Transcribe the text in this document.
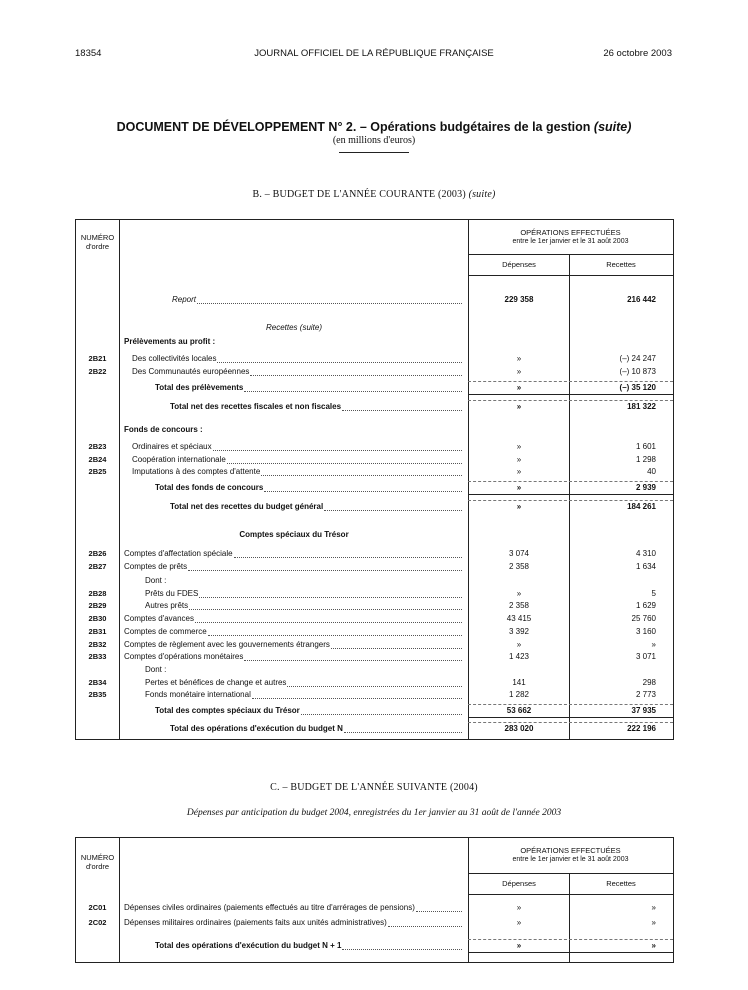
18354	JOURNAL OFFICIEL DE LA RÉPUBLIQUE FRANÇAISE	26 octobre 2003
DOCUMENT DE DÉVELOPPEMENT N° 2. – Opérations budgétaires de la gestion (suite)
(en millions d'euros)
B. – BUDGET DE L'ANNÉE COURANTE (2003) (suite)
NUMÉRO
d'ordre
OPÉRATIONS EFFECTUÉES
entre le 1er janvier et le 31 août 2003
Dépenses	Recettes
Report	229 358	216 442
Recettes (suite)
Prélèvements au profit :
2B21	Des collectivités locales	»	(–) 24 247
2B22	Des Communautés européennes	»	(–) 10 873
Total des prélèvements	»	(–) 35 120
Total net des recettes fiscales et non fiscales	»	181 322
Fonds de concours :
2B23	Ordinaires et spéciaux	»	1 601
2B24	Coopération internationale	»	1 298
2B25	Imputations à des comptes d'attente	»	40
Total des fonds de concours	»	2 939
Total net des recettes du budget général	»	184 261
Comptes spéciaux du Trésor
2B26	Comptes d'affectation spéciale	3 074	4 310
2B27	Comptes de prêts	2 358	1 634
Dont :
2B28	Prêts du FDES	»	5
2B29	Autres prêts	2 358	1 629
2B30	Comptes d'avances	43 415	25 760
2B31	Comptes de commerce	3 392	3 160
2B32	Comptes de règlement avec les gouvernements étrangers	»	»
2B33	Comptes d'opérations monétaires	1 423	3 071
Dont :
2B34	Pertes et bénéfices de change et autres	141	298
2B35	Fonds monétaire international	1 282	2 773
Total des comptes spéciaux du Trésor	53 662	37 935
Total des opérations d'exécution du budget N	283 020	222 196
C. – BUDGET DE L'ANNÉE SUIVANTE (2004)
Dépenses par anticipation du budget 2004, enregistrées du 1er janvier au 31 août de l'année 2003
NUMÉRO
d'ordre
OPÉRATIONS EFFECTUÉES
entre le 1er janvier et le 31 août 2003
Dépenses	Recettes
2C01	Dépenses civiles ordinaires (paiements effectués au titre d'arrérages de pensions)	»	»
2C02	Dépenses militaires ordinaires (paiements faits aux unités administratives)	»	»
Total des opérations d'exécution du budget N + 1	»	»
